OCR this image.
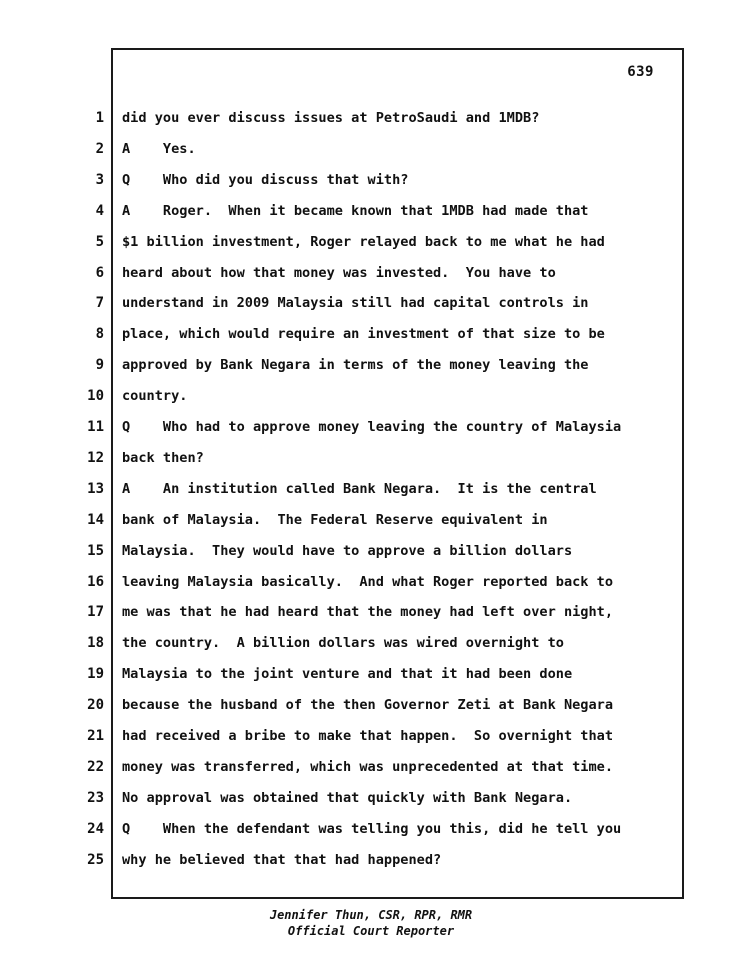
639
1 did you ever discuss issues at PetroSaudi and 1MDB?
2 A    Yes.
3 Q    Who did you discuss that with?
4 A    Roger.  When it became known that 1MDB had made that
5 $1 billion investment, Roger relayed back to me what he had
6 heard about how that money was invested.  You have to
7 understand in 2009 Malaysia still had capital controls in
8 place, which would require an investment of that size to be
9 approved by Bank Negara in terms of the money leaving the
10 country.
11 Q    Who had to approve money leaving the country of Malaysia
12 back then?
13 A    An institution called Bank Negara.  It is the central
14 bank of Malaysia.  The Federal Reserve equivalent in
15 Malaysia.  They would have to approve a billion dollars
16 leaving Malaysia basically.  And what Roger reported back to
17 me was that he had heard that the money had left over night,
18 the country.  A billion dollars was wired overnight to
19 Malaysia to the joint venture and that it had been done
20 because the husband of the then Governor Zeti at Bank Negara
21 had received a bribe to make that happen.  So overnight that
22 money was transferred, which was unprecedented at that time.
23 No approval was obtained that quickly with Bank Negara.
24 Q    When the defendant was telling you this, did he tell you
25 why he believed that that had happened?
Jennifer Thun, CSR, RPR, RMR
Official Court Reporter
